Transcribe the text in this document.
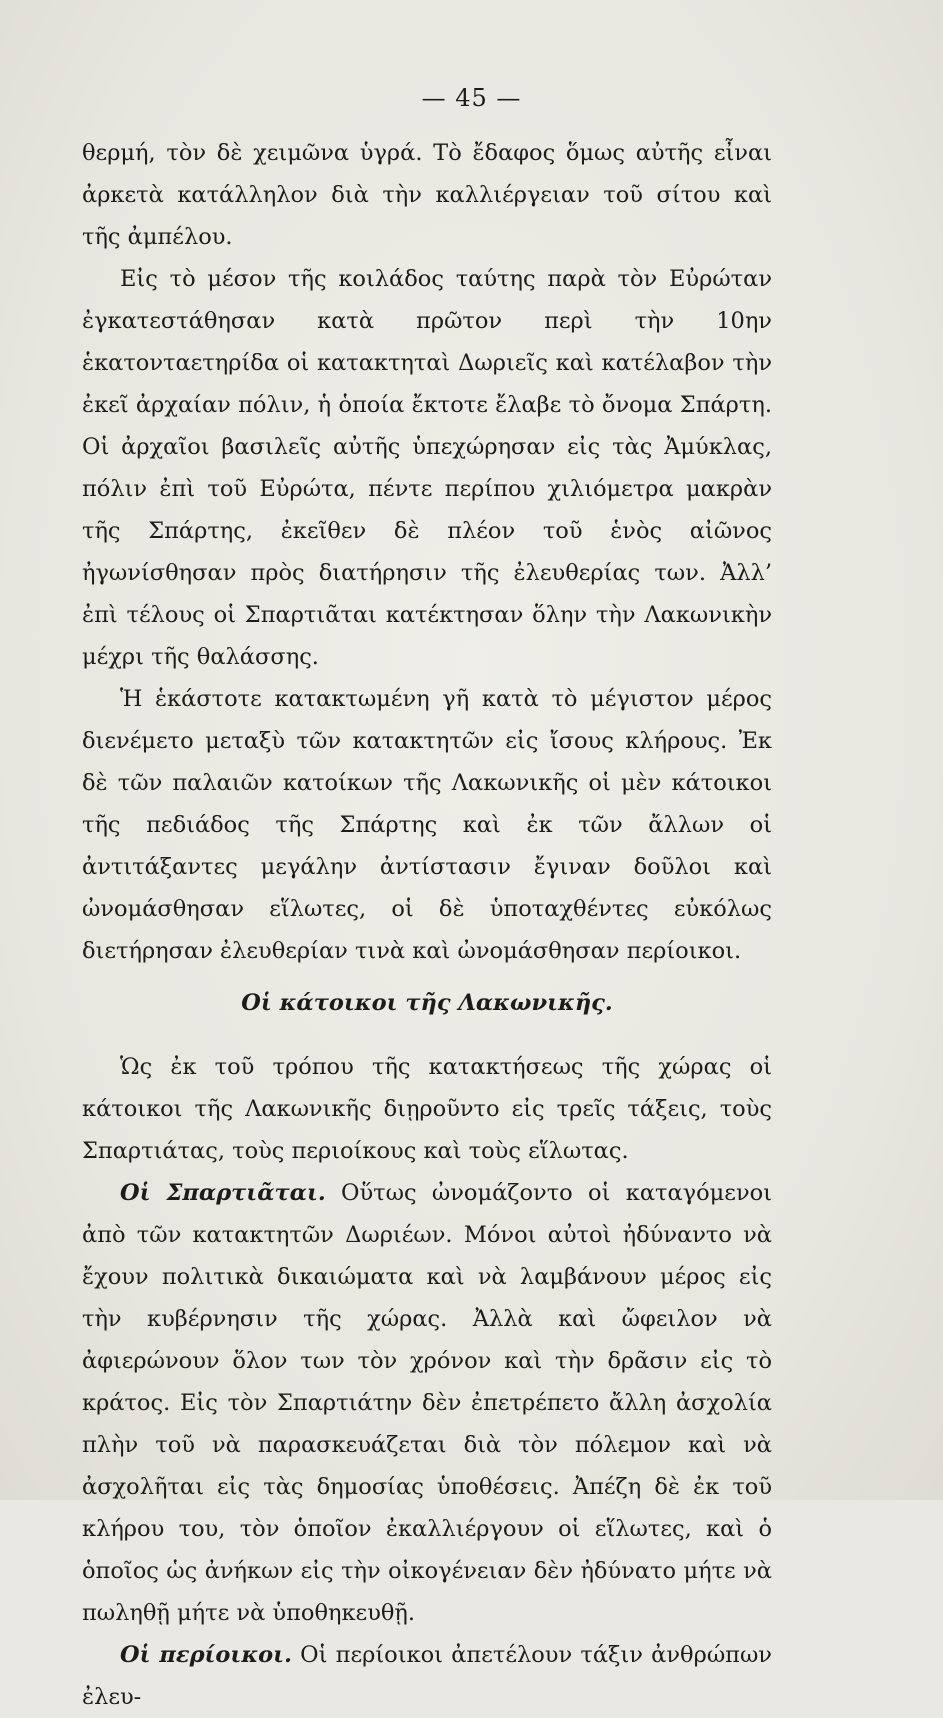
— 45 —

θερμή, τὸν δὲ χειμῶνα ὑγρά. Τὸ ἔδαφος ὅμως αὐτῆς εἶναι ἀρκετὰ κατάλληλον διὰ τὴν καλλιέργειαν τοῦ σίτου καὶ τῆς ἀμπέλου.

Εἰς τὸ μέσον τῆς κοιλάδος ταύτης παρὰ τὸν Εὐρώταν ἐγκατεστάθησαν κατὰ πρῶτον περὶ τὴν 10ην ἑκατονταετηρίδα οἱ κατακτηταὶ Δωριεῖς καὶ κατέλαβον τὴν ἐκεῖ ἀρχαίαν πόλιν, ἡ ὁποία ἔκτοτε ἔλαβε τὸ ὄνομα Σπάρτη. Οἱ ἀρχαῖοι βασιλεῖς αὐτῆς ὑπεχώρησαν εἰς τὰς Ἀμύκλας, πόλιν ἐπὶ τοῦ Εὐρώτα, πέντε περίπου χιλιόμετρα μακρὰν τῆς Σπάρτης, ἐκεῖθεν δὲ πλέον τοῦ ἑνὸς αἰῶνος ἠγωνίσθησαν πρὸς διατήρησιν τῆς ἐλευθερίας των. Ἀλλ’ ἐπὶ τέλους οἱ Σπαρτιᾶται κατέκτησαν ὅλην τὴν Λακωνικὴν μέχρι τῆς θαλάσσης.

Ἡ ἑκάστοτε κατακτωμένη γῆ κατὰ τὸ μέγιστον μέρος διενέμετο μεταξὺ τῶν κατακτητῶν εἰς ἴσους κλήρους. Ἐκ δὲ τῶν παλαιῶν κατοίκων τῆς Λακωνικῆς οἱ μὲν κάτοικοι τῆς πεδιάδος τῆς Σπάρτης καὶ ἐκ τῶν ἄλλων οἱ ἀντιτάξαντες μεγάλην ἀντίστασιν ἔγιναν δοῦλοι καὶ ὠνομάσθησαν εἵλωτες, οἱ δὲ ὑποταχθέντες εὐκόλως διετήρησαν ἐλευθερίαν τινὰ καὶ ὠνομάσθησαν περίοικοι.

Οἱ κάτοικοι τῆς Λακωνικῆς.

Ὡς ἐκ τοῦ τρόπου τῆς κατακτήσεως τῆς χώρας οἱ κάτοικοι τῆς Λακωνικῆς διῃροῦντο εἰς τρεῖς τάξεις, τοὺς Σπαρτιάτας, τοὺς περιοίκους καὶ τοὺς εἵλωτας.

Οἱ Σπαρτιᾶται. Οὕτως ὠνομάζοντο οἱ καταγόμενοι ἀπὸ τῶν κατακτητῶν Δωριέων. Μόνοι αὐτοὶ ἠδύναντο νὰ ἔχουν πολιτικὰ δικαιώματα καὶ νὰ λαμβάνουν μέρος εἰς τὴν κυβέρνησιν τῆς χώρας. Ἀλλὰ καὶ ὤφειλον νὰ ἀφιερώνουν ὅλον των τὸν χρόνον καὶ τὴν δρᾶσιν εἰς τὸ κράτος. Εἰς τὸν Σπαρτιάτην δὲν ἐπετρέπετο ἄλλη ἀσχολία πλὴν τοῦ νὰ παρασκευάζεται διὰ τὸν πόλεμον καὶ νὰ ἀσχολῆται εἰς τὰς δημοσίας ὑποθέσεις. Ἀπέζη δὲ ἐκ τοῦ κλήρου του, τὸν ὁποῖον ἐκαλλιέργουν οἱ εἵλωτες, καὶ ὁ ὁποῖος ὡς ἀνήκων εἰς τὴν οἰκογένειαν δὲν ἠδύνατο μήτε νὰ πωληθῇ μήτε νὰ ὑποθηκευθῇ.

Οἱ περίοικοι. Οἱ περίοικοι ἀπετέλουν τάξιν ἀνθρώπων ἐλευ-
